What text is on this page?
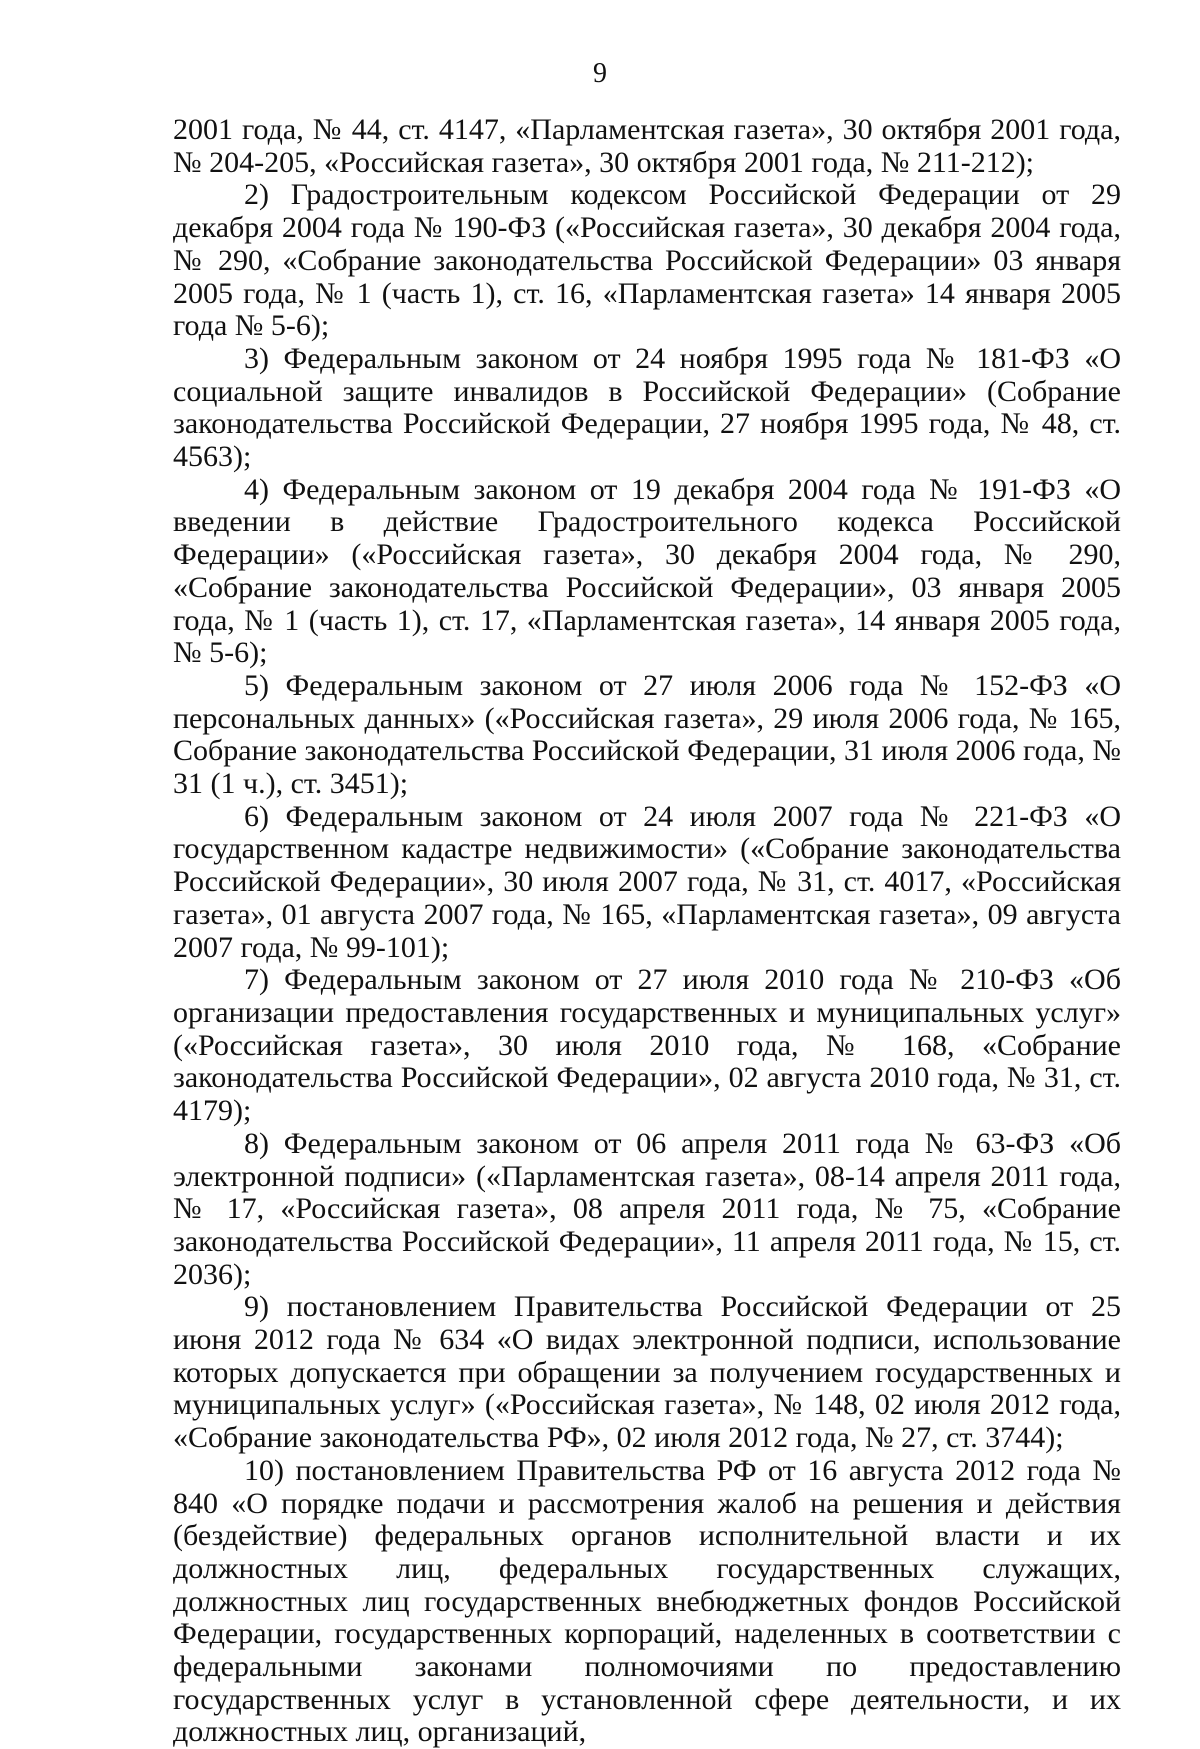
9

2001 года, № 44, ст. 4147, «Парламентская газета», 30 октября 2001 года, № 204-205, «Российская газета», 30 октября 2001 года, № 211-212);

2) Градостроительным кодексом Российской Федерации от 29 декабря 2004 года № 190-ФЗ («Российская газета», 30 декабря 2004 года, № 290, «Собрание законодательства Российской Федерации» 03 января 2005 года, № 1 (часть 1), ст. 16, «Парламентская газета» 14 января 2005 года № 5-6);

3) Федеральным законом от 24 ноября 1995 года № 181-ФЗ «О социальной защите инвалидов в Российской Федерации» (Собрание законодательства Российской Федерации, 27 ноября 1995 года, № 48, ст. 4563);

4) Федеральным законом от 19 декабря 2004 года № 191-ФЗ «О введении в действие Градостроительного кодекса Российской Федерации» («Российская газета», 30 декабря 2004 года, № 290, «Собрание законодательства Российской Федерации», 03 января 2005 года, № 1 (часть 1), ст. 17, «Парламентская газета», 14 января 2005 года, № 5-6);

5) Федеральным законом от 27 июля 2006 года № 152-ФЗ «О персональных данных» («Российская газета», 29 июля 2006 года, № 165, Собрание законодательства Российской Федерации, 31 июля 2006 года, № 31 (1 ч.), ст. 3451);

6) Федеральным законом от 24 июля 2007 года № 221-ФЗ «О государственном кадастре недвижимости» («Собрание законодательства Российской Федерации», 30 июля 2007 года, № 31, ст. 4017, «Российская газета», 01 августа 2007 года, № 165, «Парламентская газета», 09 августа 2007 года, № 99-101);

7) Федеральным законом от 27 июля 2010 года № 210-ФЗ «Об организации предоставления государственных и муниципальных услуг» («Российская газета», 30 июля 2010 года, № 168, «Собрание законодательства Российской Федерации», 02 августа 2010 года, № 31, ст. 4179);

8) Федеральным законом от 06 апреля 2011 года № 63-ФЗ «Об электронной подписи» («Парламентская газета», 08-14 апреля 2011 года, № 17, «Российская газета», 08 апреля 2011 года, № 75, «Собрание законодательства Российской Федерации», 11 апреля 2011 года, № 15, ст. 2036);

9) постановлением Правительства Российской Федерации от 25 июня 2012 года № 634 «О видах электронной подписи, использование которых допускается при обращении за получением государственных и муниципальных услуг» («Российская газета», № 148, 02 июля 2012 года, «Собрание законодательства РФ», 02 июля 2012 года, № 27, ст. 3744);

10) постановлением Правительства РФ от 16 августа 2012 года № 840 «О порядке подачи и рассмотрения жалоб на решения и действия (бездействие) федеральных органов исполнительной власти и их должностных лиц, федеральных государственных служащих, должностных лиц государственных внебюджетных фондов Российской Федерации, государственных корпораций, наделенных в соответствии с федеральными законами полномочиями по предоставлению государственных услуг в установленной сфере деятельности, и их должностных лиц, организаций,
